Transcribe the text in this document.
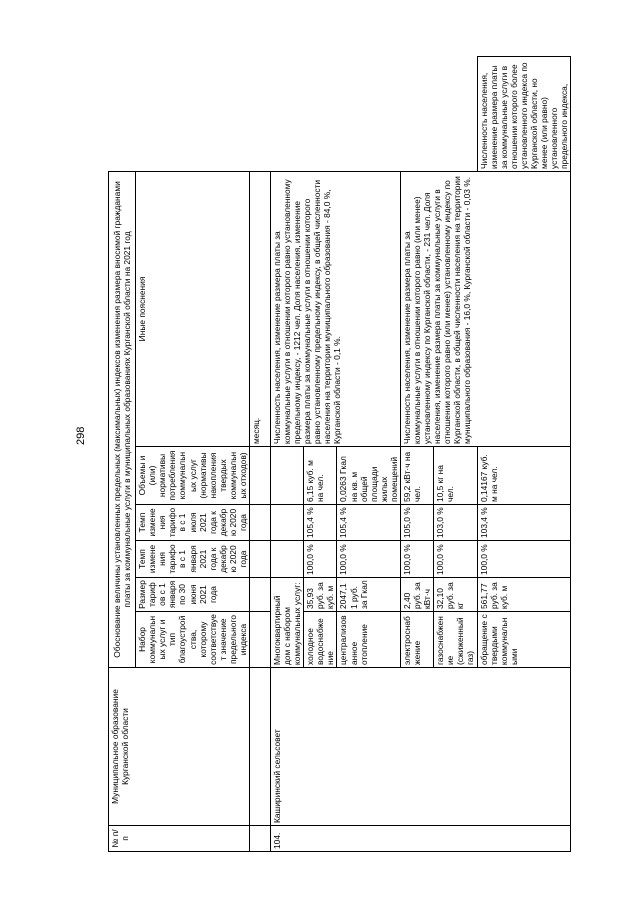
298
№ п/п	Муниципальное образование Курганской области	Обоснование величины установленных предельных (максимальных) индексов изменения размера вносимой гражданами платы за коммунальные услуги в муниципальных образованиях Курганской области на 2021 год						
		Набор коммунальных услуг и тип благоустройства, которому соответствует значение предельного индекса	Размер тарифов с 1 января по 30 июня 2021 года	Темп изменения тарифов с 1 января 2021 года к декабрю 2020 года	Темп изменения тарифов с 1 июля 2021 года к декабрю 2020 года	Объемы и (или) нормативы потребления коммунальных услуг (нормативы накопления твердых коммунальных отходов)	Иные пояснения	
							месяц.	
104.	Каширинский сельсовет	Многоквартирный дом с набором коммунальных услуг:					Численность населения, изменение размера платы за коммунальные услуги в отношении которого равно установленному предельному индексу, - 1212 чел. Доля населения, изменение размера платы за коммунальные услуги в отношении которого равно установленному предельному индексу, в общей численности населения на территории муниципального образования - 84,0 %, Курганской области - 0,1 %.	
		холодное водоснабжение	35,93 руб. за куб. м	100,0 %	105,4 %	6,15 куб. м на чел.		
		централизованное отопление	2047,11 руб. за Гкал	100,0 %	105,4 %	0,0263 Гкал на кв. м общей площади жилых помещений		
		электроснабжение	2,40 руб. за кВт·ч	100,0 %	105,0 %	59,2 кВт·ч на чел.	Численность населения, изменение размера платы за коммунальные услуги в отношении которого равно (или менее) установленному индексу по Курганской области, - 231 чел. Доля населения, изменение размера платы за коммунальные услуги в отношении которого равно (или менее) установленному индексу по Курганской области, в общей численности населения на территории муниципального образования - 16,0 %, Курганской области - 0,03 %.	
		газоснабжение (сжиженный газ)	32,10 руб. за кг	100,0 %	103,0 %	10,5 кг на чел.		
		обращение с твердыми коммунальными	561,77 руб. за куб. м	100,0 %	103,4 %	0,14167 куб. м на чел.		Численность населения, изменение размера платы за коммунальные услуги в отношении которого более установленного индекса по Курганской области, но менее (или равно) установленного предельного индекса,
